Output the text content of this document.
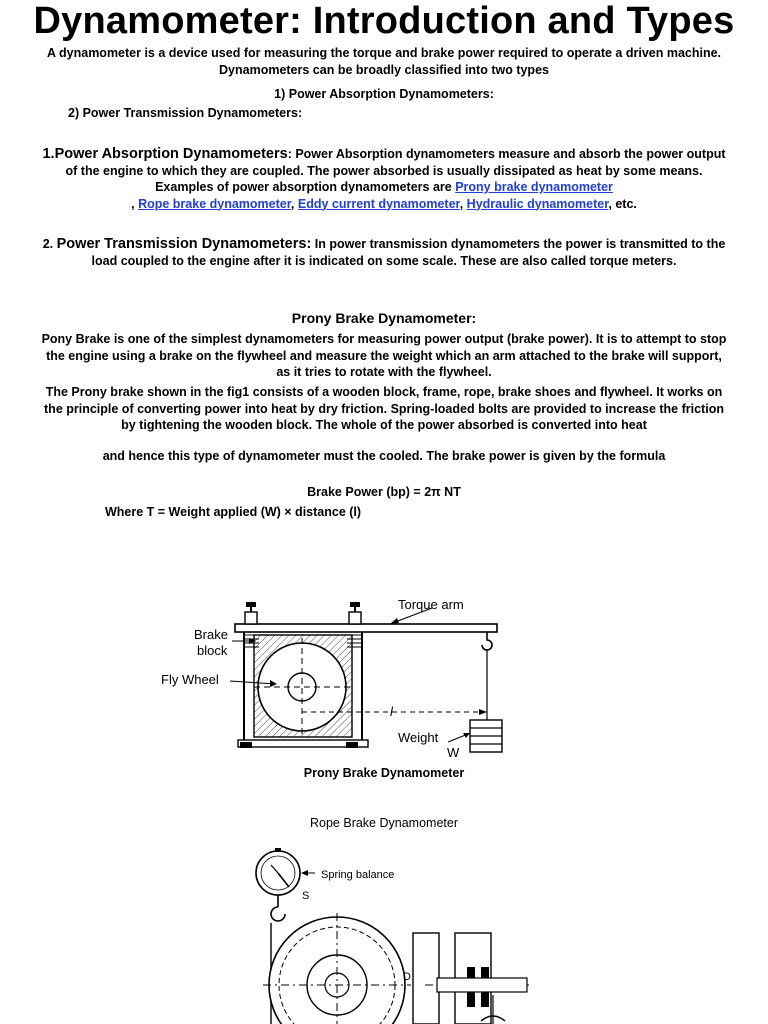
Dynamometer: Introduction and Types

A dynamometer is a device used for measuring the torque and brake power required to operate a driven machine. Dynamometers can be broadly classified into two types

1) Power Absorption Dynamometers:

2) Power Transmission Dynamometers:

1.Power Absorption Dynamometers: Power Absorption dynamometers measure and absorb the power output of the engine to which they are coupled. The power absorbed is usually dissipated as heat by some means. Examples of power absorption dynamometers are Prony brake dynamometer
, Rope brake dynamometer, Eddy current dynamometer, Hydraulic dynamometer, etc.

2. Power Transmission Dynamometers: In power transmission dynamometers the power is transmitted to the load coupled to the engine after it is indicated on some scale. These are also called torque meters.

Prony Brake Dynamometer:

Pony Brake is one of the simplest dynamometers for measuring power output (brake power). It is to attempt to stop the engine using a brake on the flywheel and measure the weight which an arm attached to the brake will support, as it tries to rotate with the flywheel.

The Prony brake shown in the fig1 consists of a wooden block, frame, rope, brake shoes and flywheel. It works on the principle of converting power into heat by dry friction. Spring-loaded bolts are provided to increase the friction by tightening the wooden block. The whole of the power absorbed is converted into heat

and hence this type of dynamometer must the cooled. The brake power is given by the formula

Brake Power (bp) = 2π NT

Where T = Weight applied (W) × distance (l)

Torque arm
Brake
block
Fly Wheel
l
Weight
W
Prony Brake Dynamometer
Rope Brake Dynamometer
Spring balance
S
D
